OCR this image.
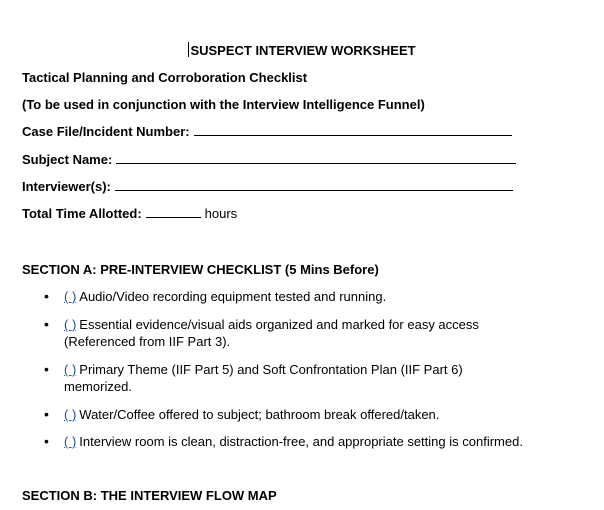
SUSPECT INTERVIEW WORKSHEET
Tactical Planning and Corroboration Checklist
(To be used in conjunction with the Interview Intelligence Funnel)
Case File/Incident Number:
Subject Name:
Interviewer(s):
Total Time Allotted:	hours
SECTION A: PRE-INTERVIEW CHECKLIST (5 Mins Before)
• ( ) Audio/Video recording equipment tested and running.
• ( ) Essential evidence/visual aids organized and marked for easy access (Referenced from IIF Part 3).
• ( ) Primary Theme (IIF Part 5) and Soft Confrontation Plan (IIF Part 6) memorized.
• ( ) Water/Coffee offered to subject; bathroom break offered/taken.
• ( ) Interview room is clean, distraction-free, and appropriate setting is confirmed.
SECTION B: THE INTERVIEW FLOW MAP
